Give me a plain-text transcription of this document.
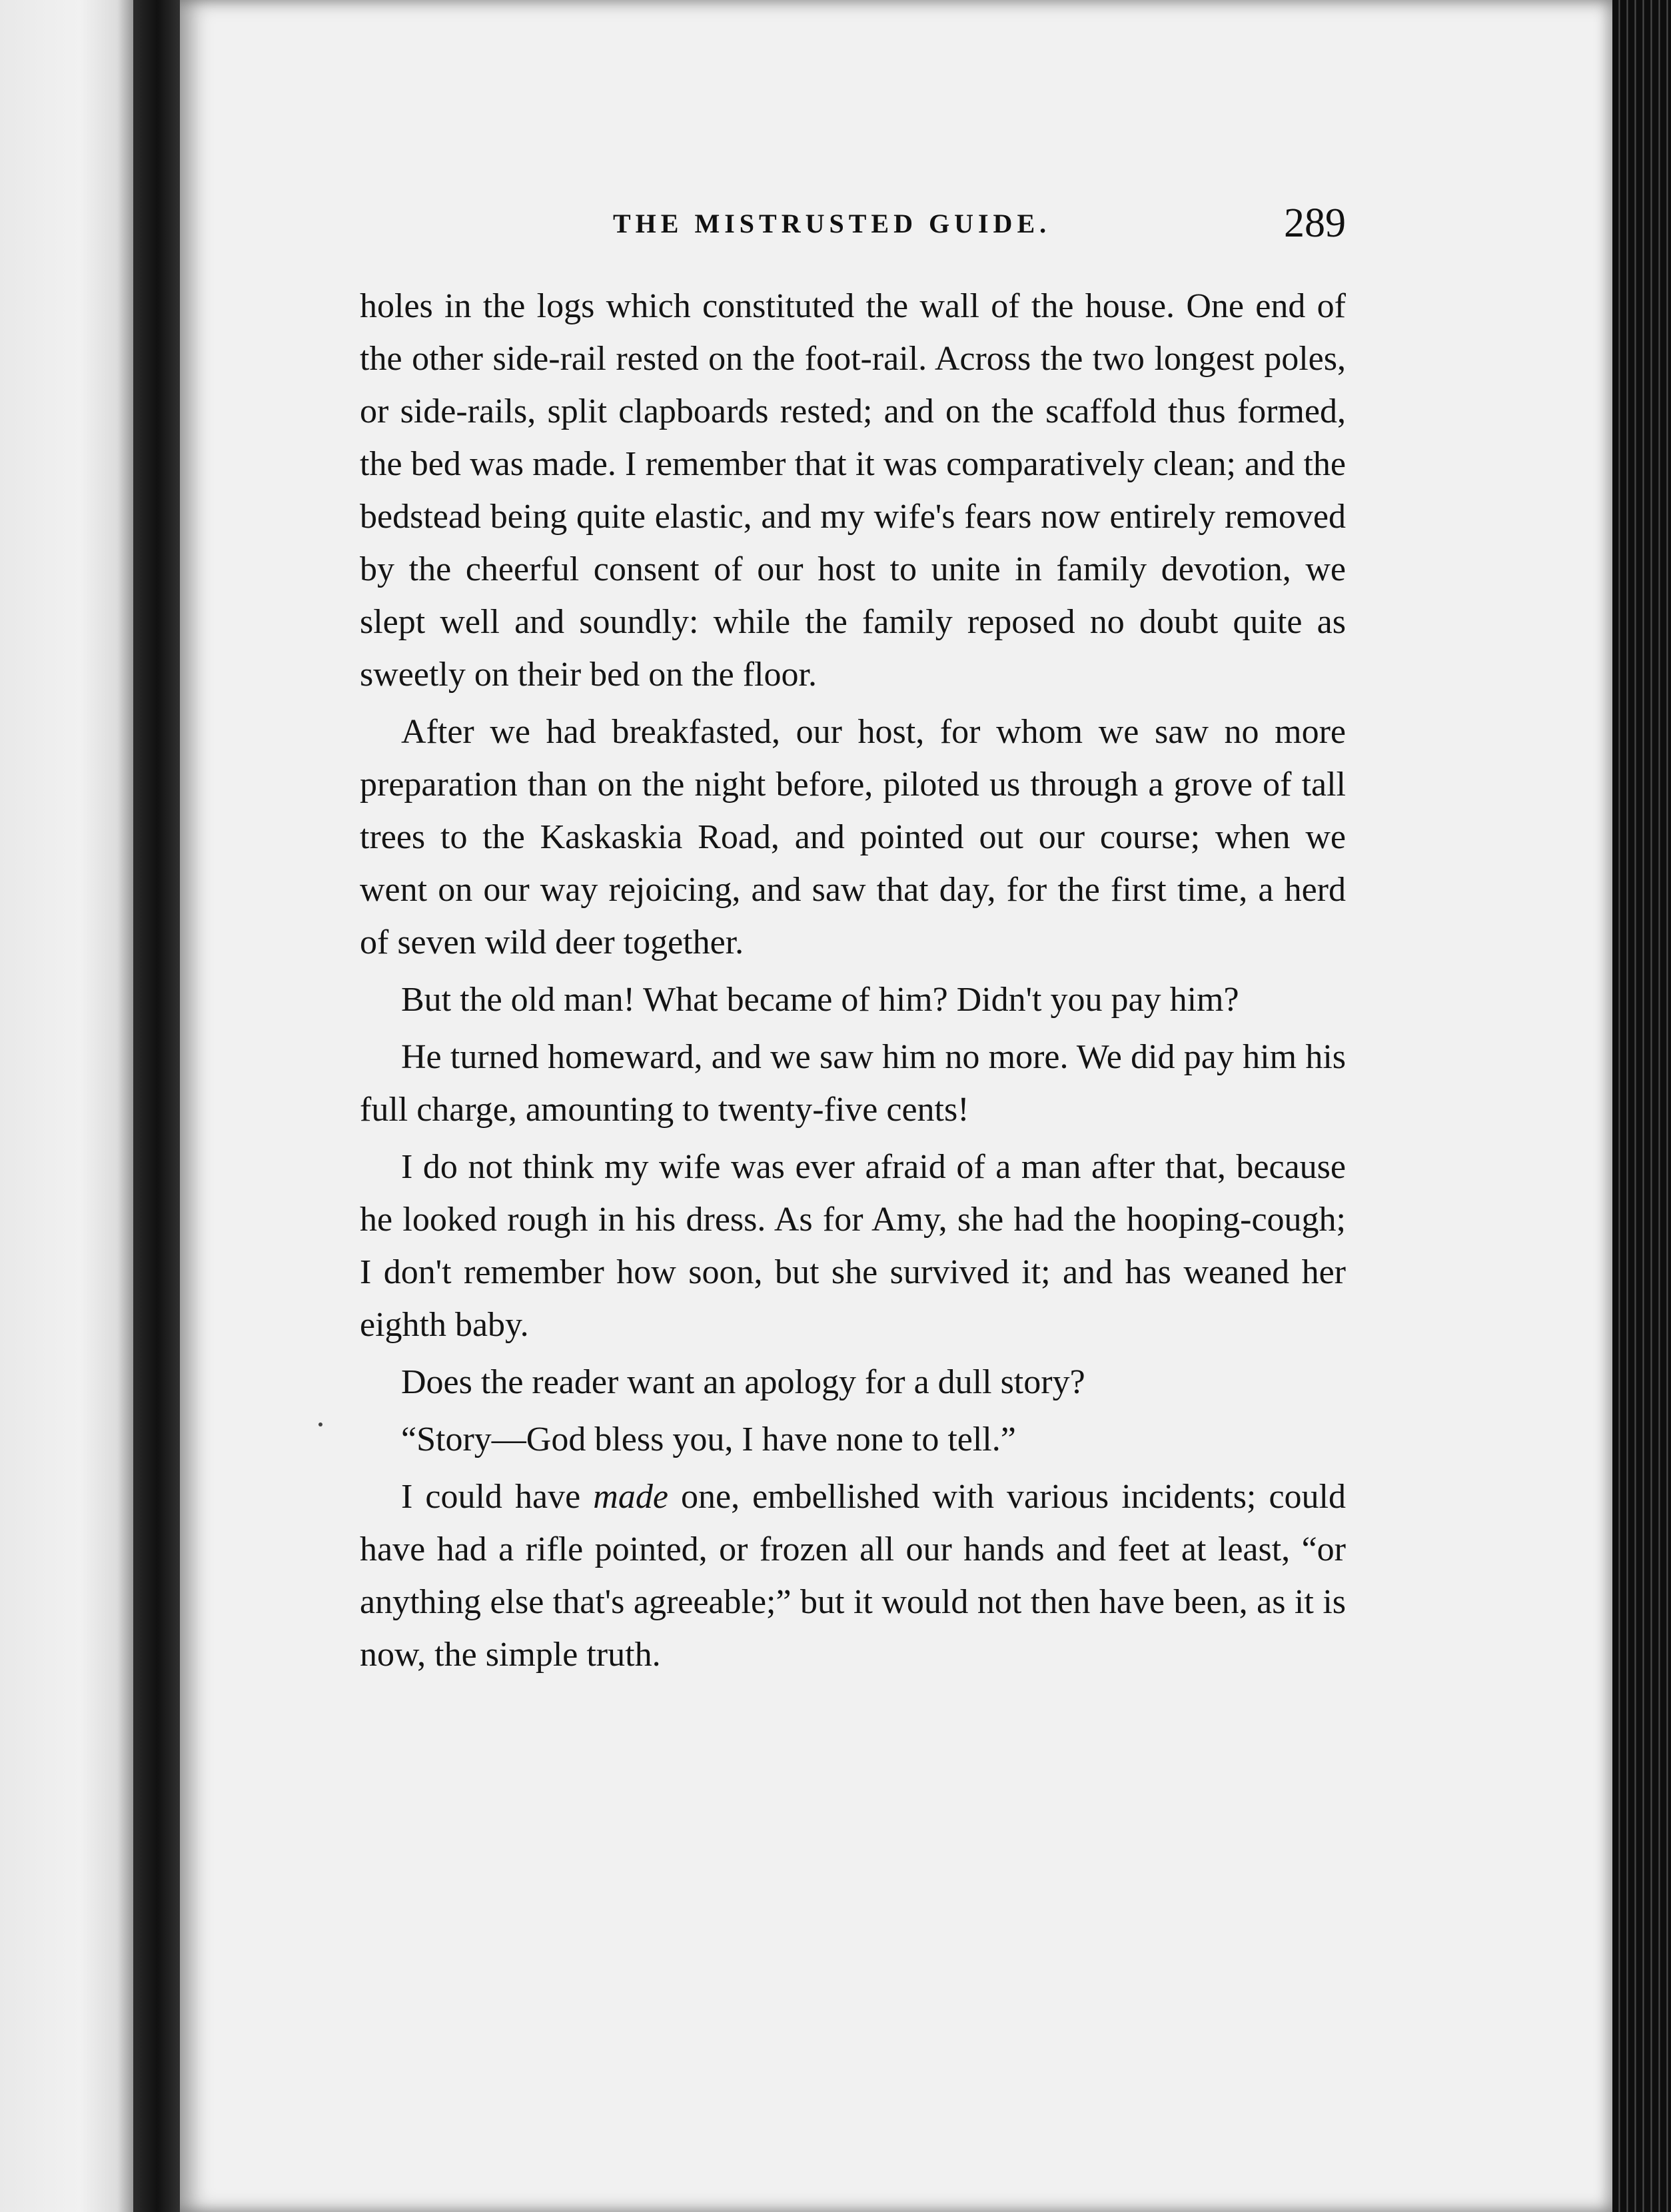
THE MISTRUSTED GUIDE.	289

holes in the logs which constituted the wall of the house. One end of the other side-rail rested on the foot-rail. Across the two longest poles, or side-rails, split clapboards rested; and on the scaffold thus formed, the bed was made. I remember that it was comparatively clean; and the bedstead being quite elastic, and my wife's fears now entirely removed by the cheerful consent of our host to unite in family devotion, we slept well and soundly: while the family reposed no doubt quite as sweetly on their bed on the floor.

After we had breakfasted, our host, for whom we saw no more preparation than on the night before, piloted us through a grove of tall trees to the Kaskaskia Road, and pointed out our course; when we went on our way rejoicing, and saw that day, for the first time, a herd of seven wild deer together.

But the old man! What became of him? Didn't you pay him?

He turned homeward, and we saw him no more. We did pay him his full charge, amounting to twenty-five cents!

I do not think my wife was ever afraid of a man after that, because he looked rough in his dress. As for Amy, she had the hooping-cough; I don't remember how soon, but she survived it; and has weaned her eighth baby.

Does the reader want an apology for a dull story?

“Story—God bless you, I have none to tell.”

I could have made one, embellished with various incidents; could have had a rifle pointed, or frozen all our hands and feet at least, “or anything else that's agreeable;” but it would not then have been, as it is now, the simple truth.
